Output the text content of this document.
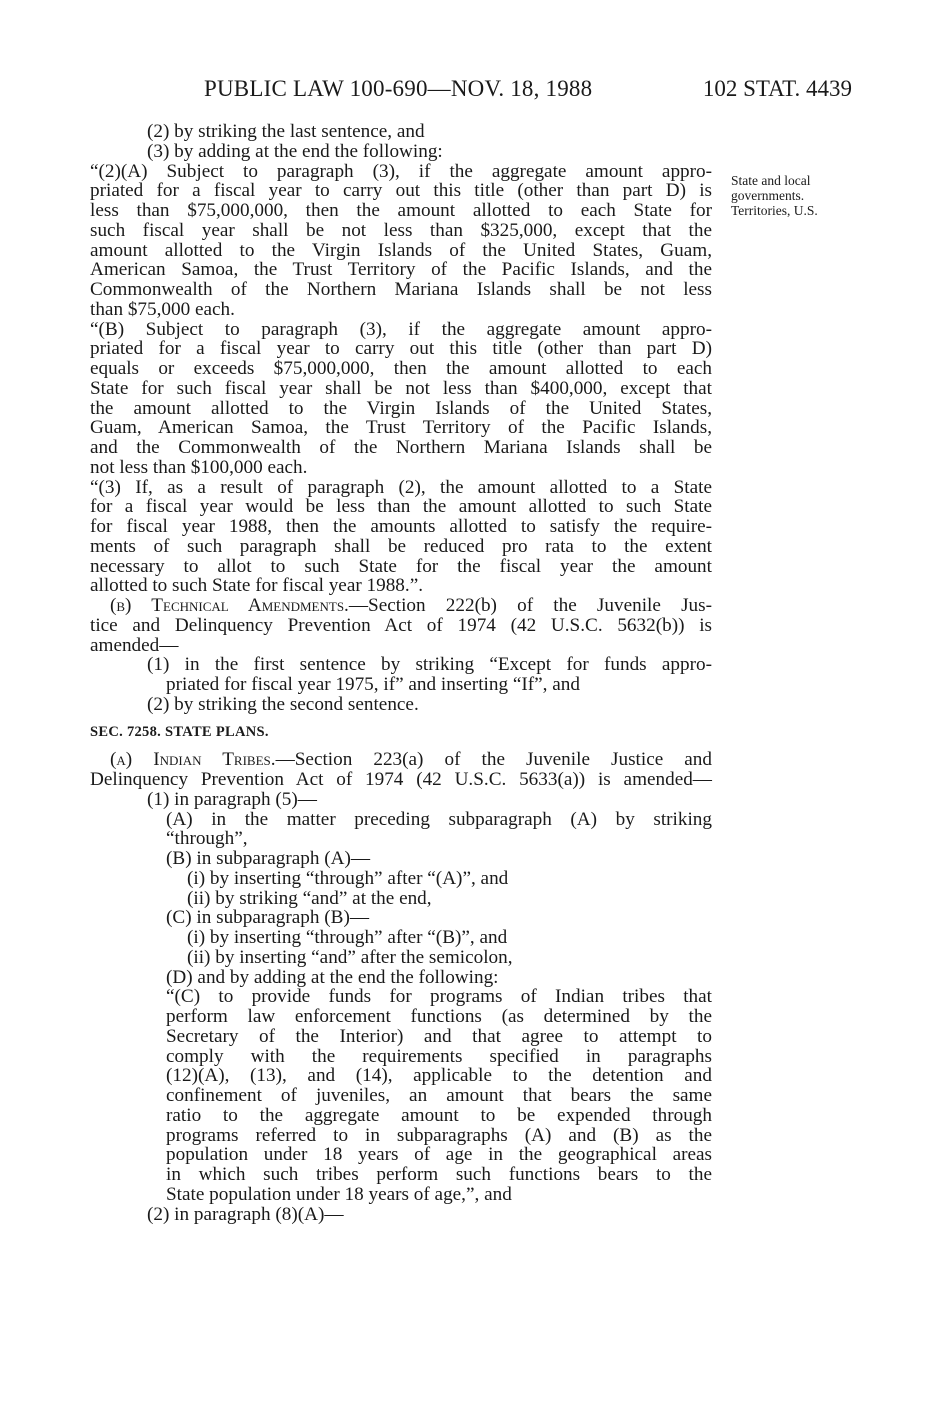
PUBLIC LAW 100-690—NOV. 18, 1988	102 STAT. 4439
State and local
governments.
Territories, U.S.
(2) by striking the last sentence, and
(3) by adding at the end the following:
“(2)(A) Subject to paragraph (3), if the aggregate amount appro-
priated for a fiscal year to carry out this title (other than part D) is
less than $75,000,000, then the amount allotted to each State for
such fiscal year shall be not less than $325,000, except that the
amount allotted to the Virgin Islands of the United States, Guam,
American Samoa, the Trust Territory of the Pacific Islands, and the
Commonwealth of the Northern Mariana Islands shall be not less
than $75,000 each.
“(B) Subject to paragraph (3), if the aggregate amount appro-
priated for a fiscal year to carry out this title (other than part D)
equals or exceeds $75,000,000, then the amount allotted to each
State for such fiscal year shall be not less than $400,000, except that
the amount allotted to the Virgin Islands of the United States,
Guam, American Samoa, the Trust Territory of the Pacific Islands,
and the Commonwealth of the Northern Mariana Islands shall be
not less than $100,000 each.
“(3) If, as a result of paragraph (2), the amount allotted to a State
for a fiscal year would be less than the amount allotted to such State
for fiscal year 1988, then the amounts allotted to satisfy the require-
ments of such paragraph shall be reduced pro rata to the extent
necessary to allot to such State for the fiscal year the amount
allotted to such State for fiscal year 1988.”.
(b) Technical Amendments.—Section 222(b) of the Juvenile Jus-
tice and Delinquency Prevention Act of 1974 (42 U.S.C. 5632(b)) is
amended—
(1) in the first sentence by striking “Except for funds appro-
priated for fiscal year 1975, if” and inserting “If”, and
(2) by striking the second sentence.
SEC. 7258. STATE PLANS.
(a) Indian Tribes.—Section 223(a) of the Juvenile Justice and
Delinquency Prevention Act of 1974 (42 U.S.C. 5633(a)) is amended—
(1) in paragraph (5)—
(A) in the matter preceding subparagraph (A) by striking
“through”,
(B) in subparagraph (A)—
(i) by inserting “through” after “(A)”, and
(ii) by striking “and” at the end,
(C) in subparagraph (B)—
(i) by inserting “through” after “(B)”, and
(ii) by inserting “and” after the semicolon,
(D) and by adding at the end the following:
“(C) to provide funds for programs of Indian tribes that
perform law enforcement functions (as determined by the
Secretary of the Interior) and that agree to attempt to
comply with the requirements specified in paragraphs
(12)(A), (13), and (14), applicable to the detention and
confinement of juveniles, an amount that bears the same
ratio to the aggregate amount to be expended through
programs referred to in subparagraphs (A) and (B) as the
population under 18 years of age in the geographical areas
in which such tribes perform such functions bears to the
State population under 18 years of age,”, and
(2) in paragraph (8)(A)—
